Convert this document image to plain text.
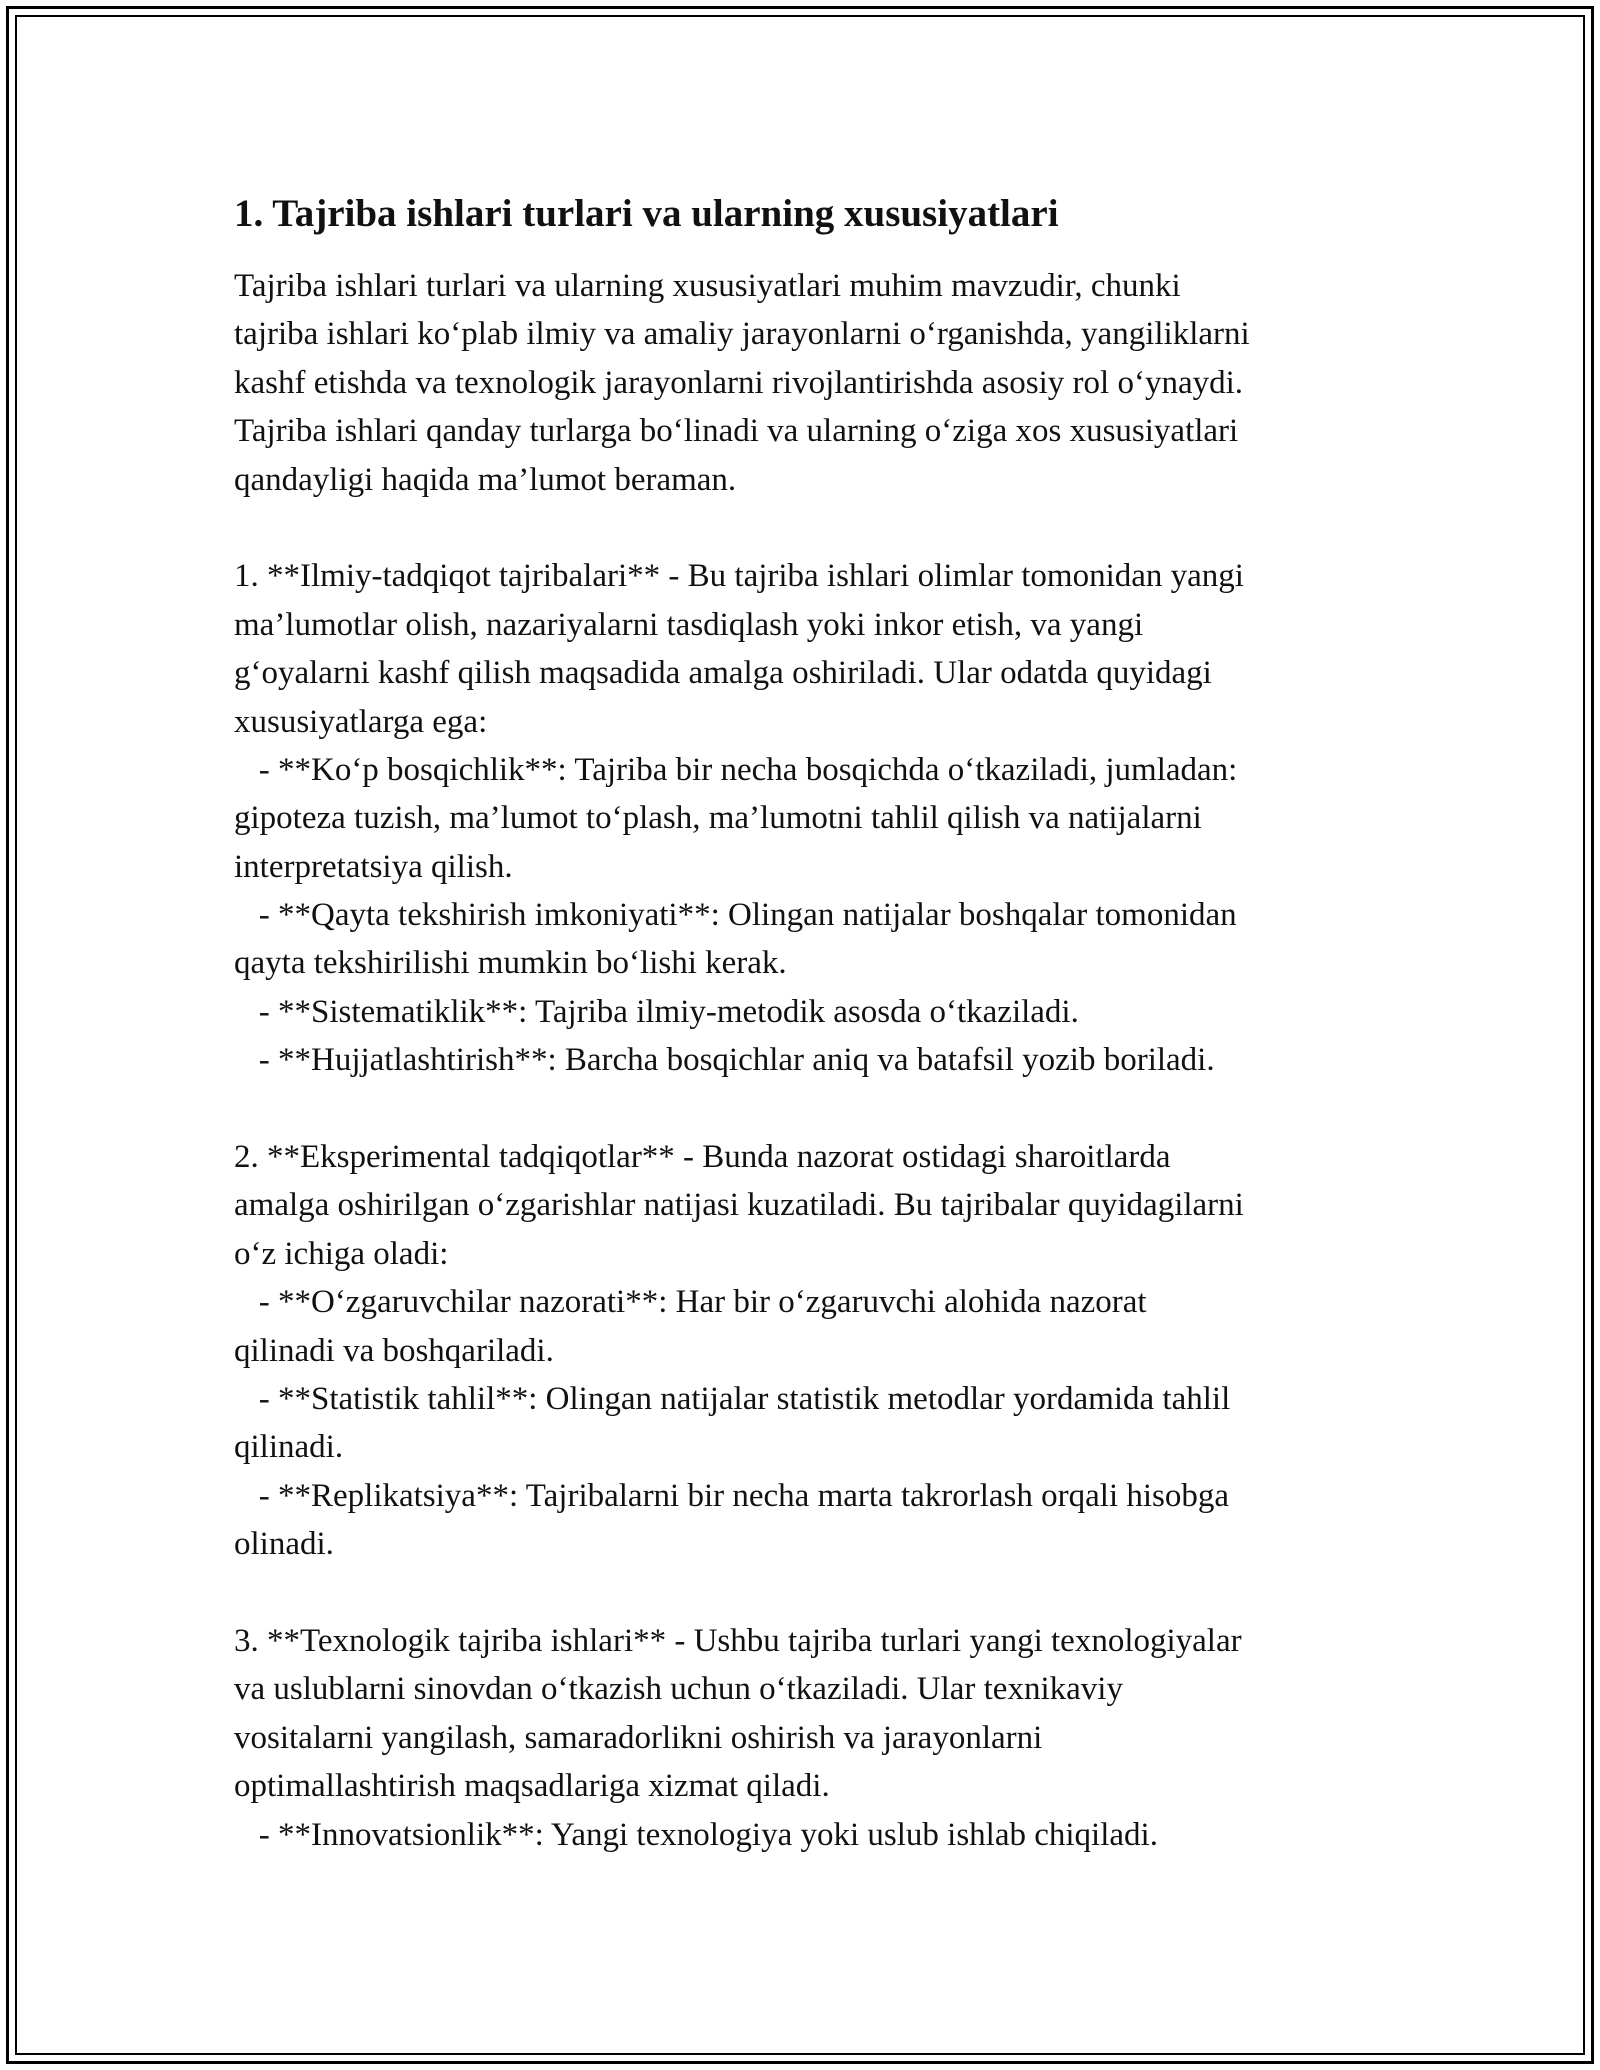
1. Tajriba ishlari turlari va ularning xususiyatlari
Tajriba ishlari turlari va ularning xususiyatlari muhim mavzudir, chunki
tajriba ishlari ko‘plab ilmiy va amaliy jarayonlarni o‘rganishda, yangiliklarni
kashf etishda va texnologik jarayonlarni rivojlantirishda asosiy rol o‘ynaydi.
Tajriba ishlari qanday turlarga bo‘linadi va ularning o‘ziga xos xususiyatlari
qandayligi haqida ma’lumot beraman.
1. **Ilmiy-tadqiqot tajribalari** - Bu tajriba ishlari olimlar tomonidan yangi
ma’lumotlar olish, nazariyalarni tasdiqlash yoki inkor etish, va yangi
g‘oyalarni kashf qilish maqsadida amalga oshiriladi. Ular odatda quyidagi
xususiyatlarga ega:
- **Ko‘p bosqichlik**: Tajriba bir necha bosqichda o‘tkaziladi, jumladan:
gipoteza tuzish, ma’lumot to‘plash, ma’lumotni tahlil qilish va natijalarni
interpretatsiya qilish.
- **Qayta tekshirish imkoniyati**: Olingan natijalar boshqalar tomonidan
qayta tekshirilishi mumkin bo‘lishi kerak.
- **Sistematiklik**: Tajriba ilmiy-metodik asosda o‘tkaziladi.
- **Hujjatlashtirish**: Barcha bosqichlar aniq va batafsil yozib boriladi.
2. **Eksperimental tadqiqotlar** - Bunda nazorat ostidagi sharoitlarda
amalga oshirilgan o‘zgarishlar natijasi kuzatiladi. Bu tajribalar quyidagilarni
o‘z ichiga oladi:
- **O‘zgaruvchilar nazorati**: Har bir o‘zgaruvchi alohida nazorat
qilinadi va boshqariladi.
- **Statistik tahlil**: Olingan natijalar statistik metodlar yordamida tahlil
qilinadi.
- **Replikatsiya**: Tajribalarni bir necha marta takrorlash orqali hisobga
olinadi.
3. **Texnologik tajriba ishlari** - Ushbu tajriba turlari yangi texnologiyalar
va uslublarni sinovdan o‘tkazish uchun o‘tkaziladi. Ular texnikaviy
vositalarni yangilash, samaradorlikni oshirish va jarayonlarni
optimallashtirish maqsadlariga xizmat qiladi.
- **Innovatsionlik**: Yangi texnologiya yoki uslub ishlab chiqiladi.
